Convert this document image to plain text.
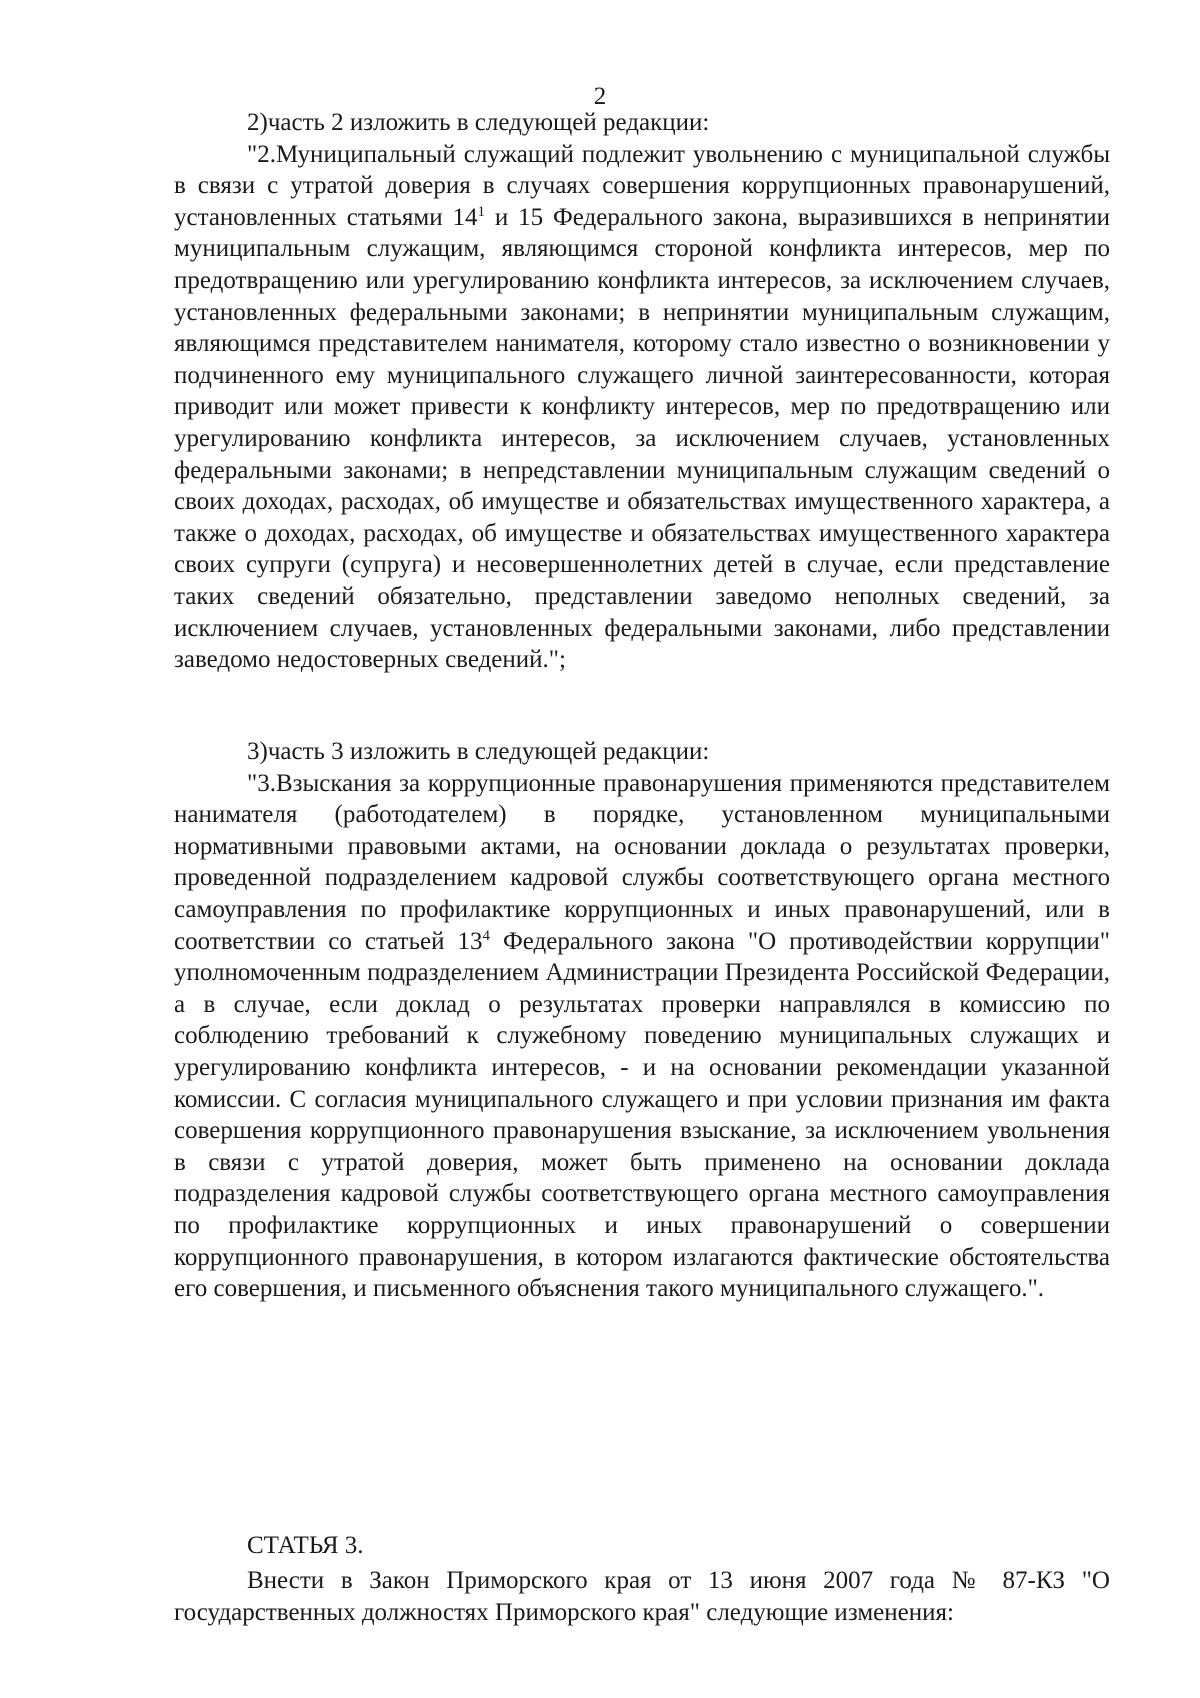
2

2)часть 2 изложить в следующей редакции:

"2.Муниципальный служащий подлежит увольнению с муниципальной службы в связи с утратой доверия в случаях совершения коррупционных правонарушений, установленных статьями $14^1$ и 15 Федерального закона, выразившихся в непринятии муниципальным служащим, являющимся стороной конфликта интересов, мер по предотвращению или урегулированию конфликта интересов, за исключением случаев, установленных федеральными законами; в непринятии муниципальным служащим, являющимся представителем нанимателя, которому стало известно о возникновении у подчиненного ему муниципального служащего личной заинтересованности, которая приводит или может привести к конфликту интересов, мер по предотвращению или урегулированию конфликта интересов, за исключением случаев, установленных федеральными законами; в непредставлении муниципальным служащим сведений о своих доходах, расходах, об имуществе и обязательствах имущественного характера, а также о доходах, расходах, об имуществе и обязательствах имущественного характера своих супруги (супруга) и несовершеннолетних детей в случае, если представление таких сведений обязательно, представлении заведомо неполных сведений, за исключением случаев, установленных федеральными законами, либо представлении заведомо недостоверных сведений.";

3)часть 3 изложить в следующей редакции:

"3.Взыскания за коррупционные правонарушения применяются представителем нанимателя (работодателем) в порядке, установленном муниципальными нормативными правовыми актами, на основании доклада о результатах проверки, проведенной подразделением кадровой службы соответствующего органа местного самоуправления по профилактике коррупционных и иных правонарушений, или в соответствии со статьей $13^4$ Федерального закона "О противодействии коррупции" уполномоченным подразделением Администрации Президента Российской Федерации, а в случае, если доклад о результатах проверки направлялся в комиссию по соблюдению требований к служебному поведению муниципальных служащих и урегулированию конфликта интересов, - и на основании рекомендации указанной комиссии. С согласия муниципального служащего и при условии признания им факта совершения коррупционного правонарушения взыскание, за исключением увольнения в связи с утратой доверия, может быть применено на основании доклада подразделения кадровой службы соответствующего органа местного самоуправления по профилактике коррупционных и иных правонарушений о совершении коррупционного правонарушения, в котором излагаются фактические обстоятельства его совершения, и письменного объяснения такого муниципального служащего.".

СТАТЬЯ 3.

Внести в Закон Приморского края от 13 июня 2007 года № 87-КЗ "О государственных должностях Приморского края" следующие изменения:
